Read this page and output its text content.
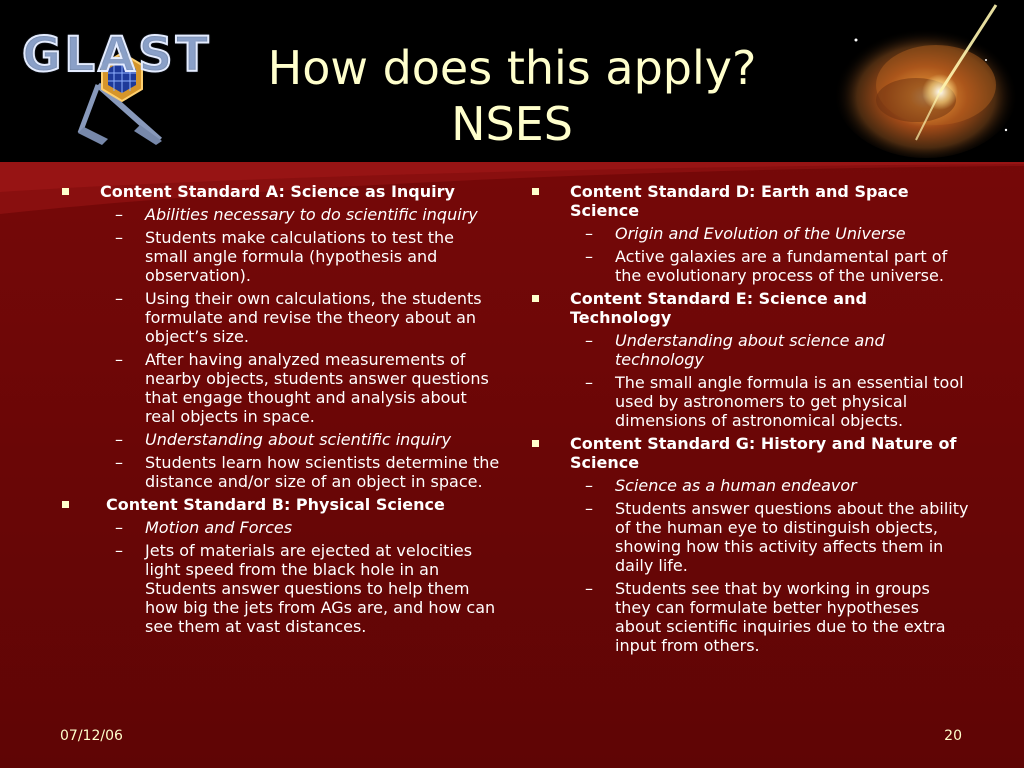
GLAST	How does this apply?
NSES
Content Standard A: Science as Inquiry
– Abilities necessary to do scientific inquiry
– Students make calculations to test the small angle formula (hypothesis and observation).
– Using their own calculations, the students formulate and revise the theory about an object’s size.
– After having analyzed measurements of nearby objects, students answer questions that engage thought and analysis about real objects in space.
– Understanding about scientific inquiry
– Students learn how scientists determine the distance and/or size of an object in space.
Content Standard B: Physical Science
– Motion and Forces
– Jets of materials are ejected at velocities light speed from the black hole in an Students answer questions to help them how big the jets from AGs are, and how can see them at vast distances.
Content Standard D: Earth and Space Science
– Origin and Evolution of the Universe
– Active galaxies are a fundamental part of the evolutionary process of the universe.
Content Standard E: Science and Technology
– Understanding about science and technology
– The small angle formula is an essential tool used by astronomers to get physical dimensions of astronomical objects.
Content Standard G: History and Nature of Science
– Science as a human endeavor
– Students answer questions about the ability of the human eye to distinguish objects, showing how this activity affects them in daily life.
– Students see that by working in groups they can formulate better hypotheses about scientific inquiries due to the extra input from others.
07/12/06	20
